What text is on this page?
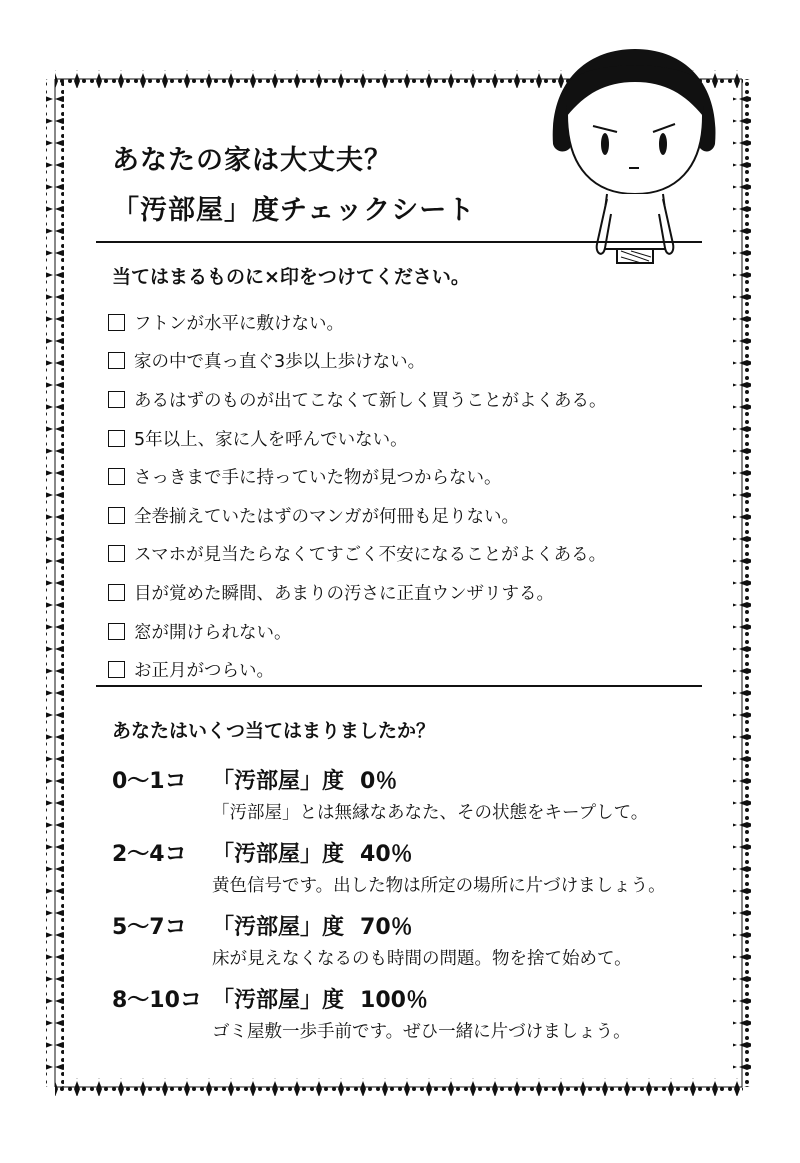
あなたの家は大丈夫？
「汚部屋」度チェックシート
当てはまるものに×印をつけてください。
フトンが水平に敷けない。
家の中で真っ直ぐ3歩以上歩けない。
あるはずのものが出てこなくて新しく買うことがよくある。
5年以上、家に人を呼んでいない。
さっきまで手に持っていた物が見つからない。
全巻揃えていたはずのマンガが何冊も足りない。
スマホが見当たらなくてすごく不安になることがよくある。
目が覚めた瞬間、あまりの汚さに正直ウンザリする。
窓が開けられない。
お正月がつらい。
あなたはいくつ当てはまりましたか？
0～1コ	「汚部屋」度 0％
「汚部屋」とは無縁なあなた、その状態をキープして。
2～4コ	「汚部屋」度 40％
黄色信号です。出した物は所定の場所に片づけましょう。
5～7コ	「汚部屋」度 70％
床が見えなくなるのも時間の問題。物を捨て始めて。
8～10コ 「汚部屋」度 100％
ゴミ屋敷一歩手前です。ぜひ一緒に片づけましょう。
